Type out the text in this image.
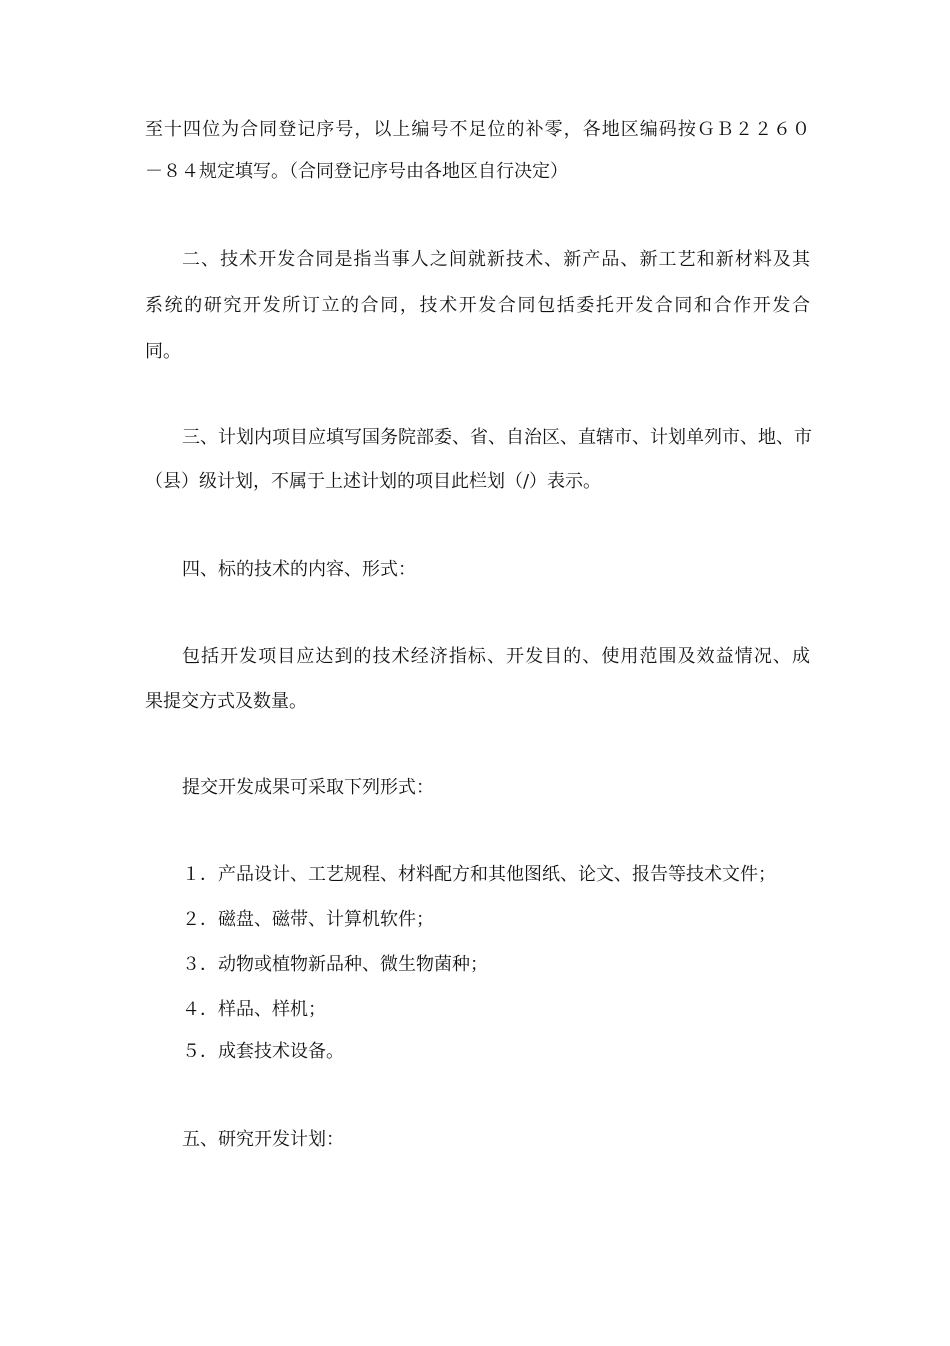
至十四位为合同登记序号，以上编号不足位的补零，各地区编码按ＧＢ２２６０
－８４规定填写。（合同登记序号由各地区自行决定）
二、技术开发合同是指当事人之间就新技术、新产品、新工艺和新材料及其
系统的研究开发所订立的合同，技术开发合同包括委托开发合同和合作开发合
同。
三、计划内项目应填写国务院部委、省、自治区、直辖市、计划单列市、地、市
（县）级计划，不属于上述计划的项目此栏划（/）表示。
四、标的技术的内容、形式：
包括开发项目应达到的技术经济指标、开发目的、使用范围及效益情况、成
果提交方式及数量。
提交开发成果可采取下列形式：
１．产品设计、工艺规程、材料配方和其他图纸、论文、报告等技术文件；
２．磁盘、磁带、计算机软件；
３．动物或植物新品种、微生物菌种；
４．样品、样机；
５．成套技术设备。
五、研究开发计划：
